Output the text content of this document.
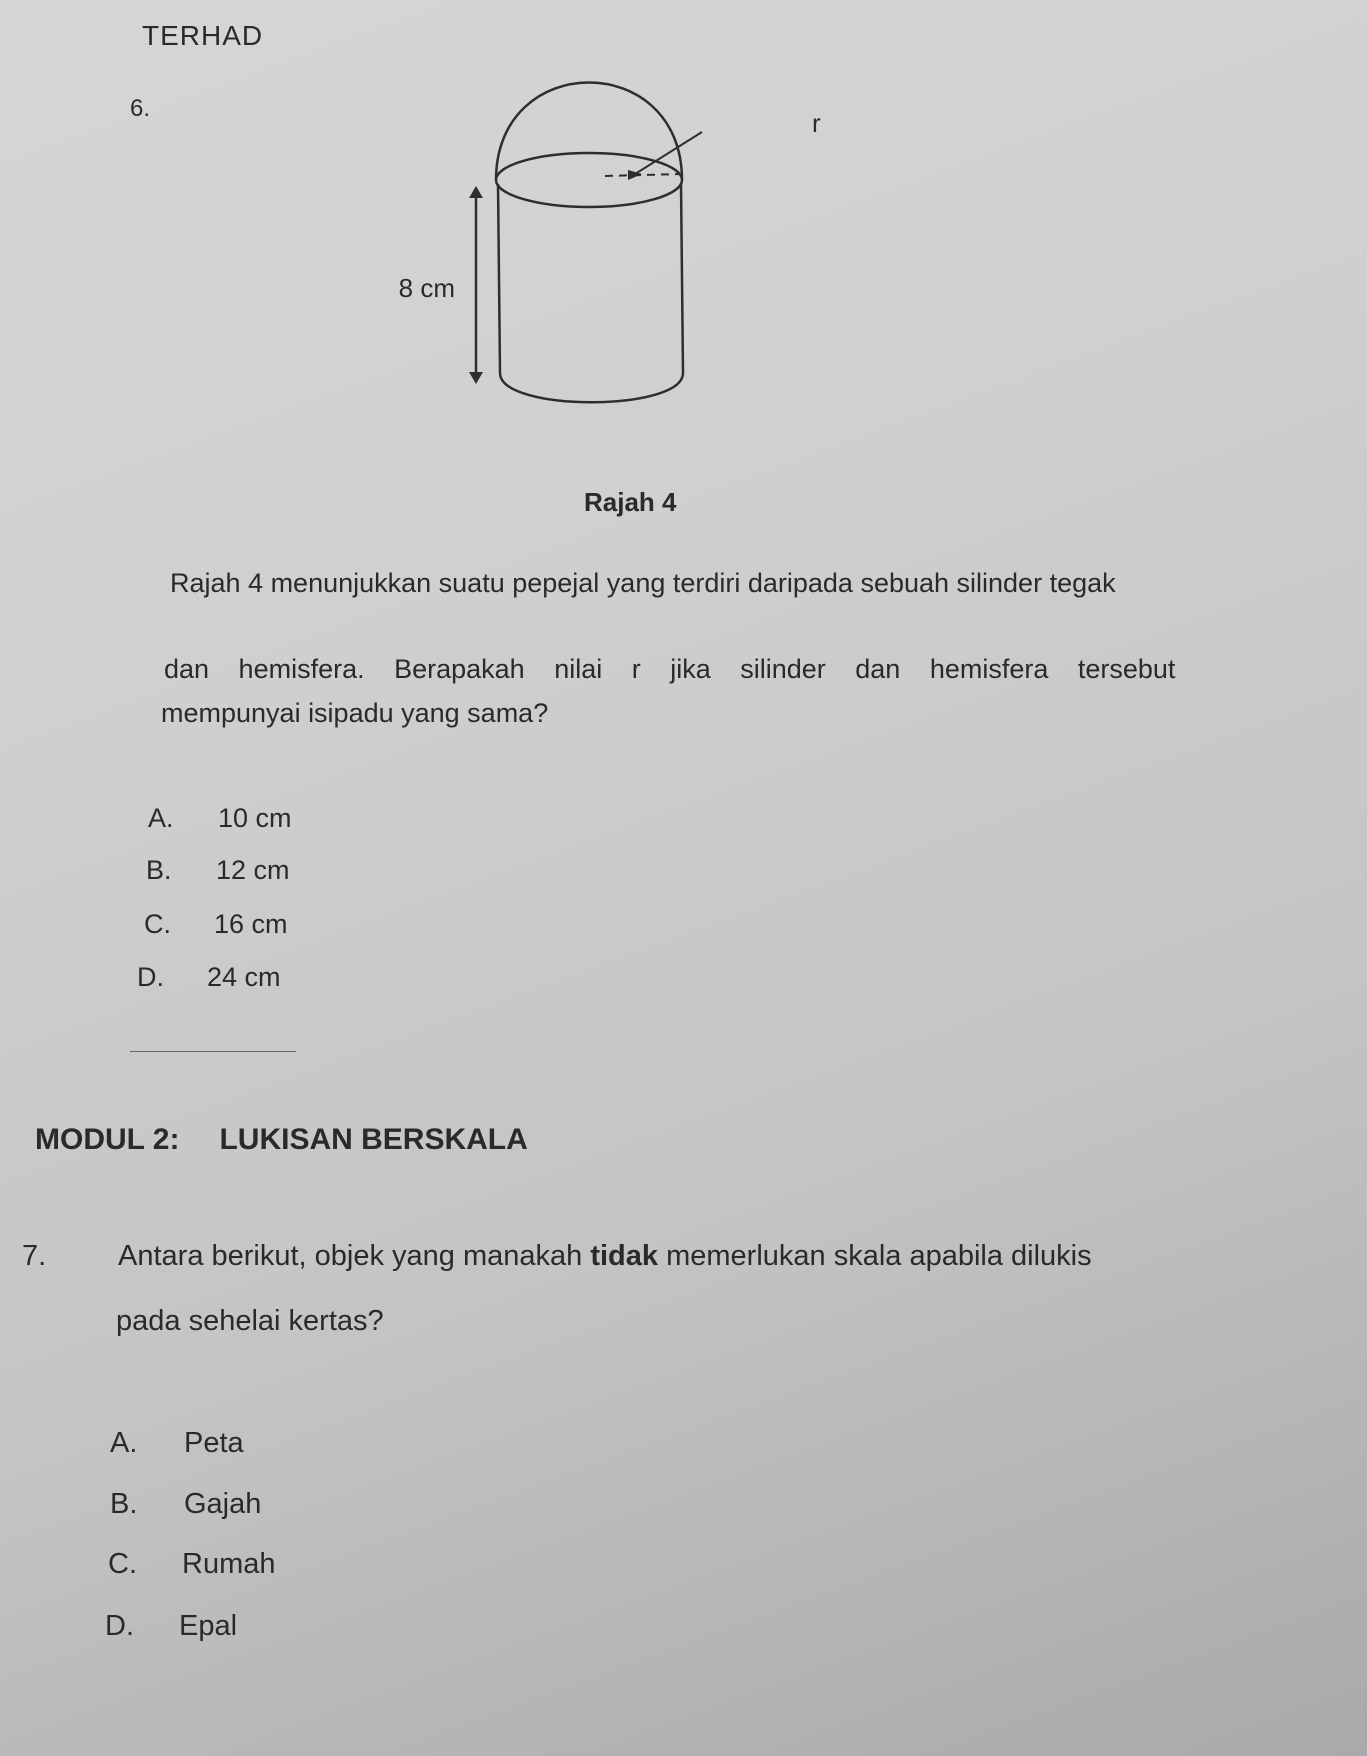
TERHAD
6.	r
8 cm
Rajah 4
Rajah 4 menunjukkan suatu pepejal yang terdiri daripada sebuah silinder tegak
dan hemisfera. Berapakah nilai r jika silinder dan hemisfera tersebut
mempunyai isipadu yang sama?
A. 10 cm
B. 12 cm
C. 16 cm
D. 24 cm
MODUL 2: LUKISAN BERSKALA
7. Antara berikut, objek yang manakah tidak memerlukan skala apabila dilukis
pada sehelai kertas?
A. Peta
B. Gajah
C. Rumah
D. Epal
